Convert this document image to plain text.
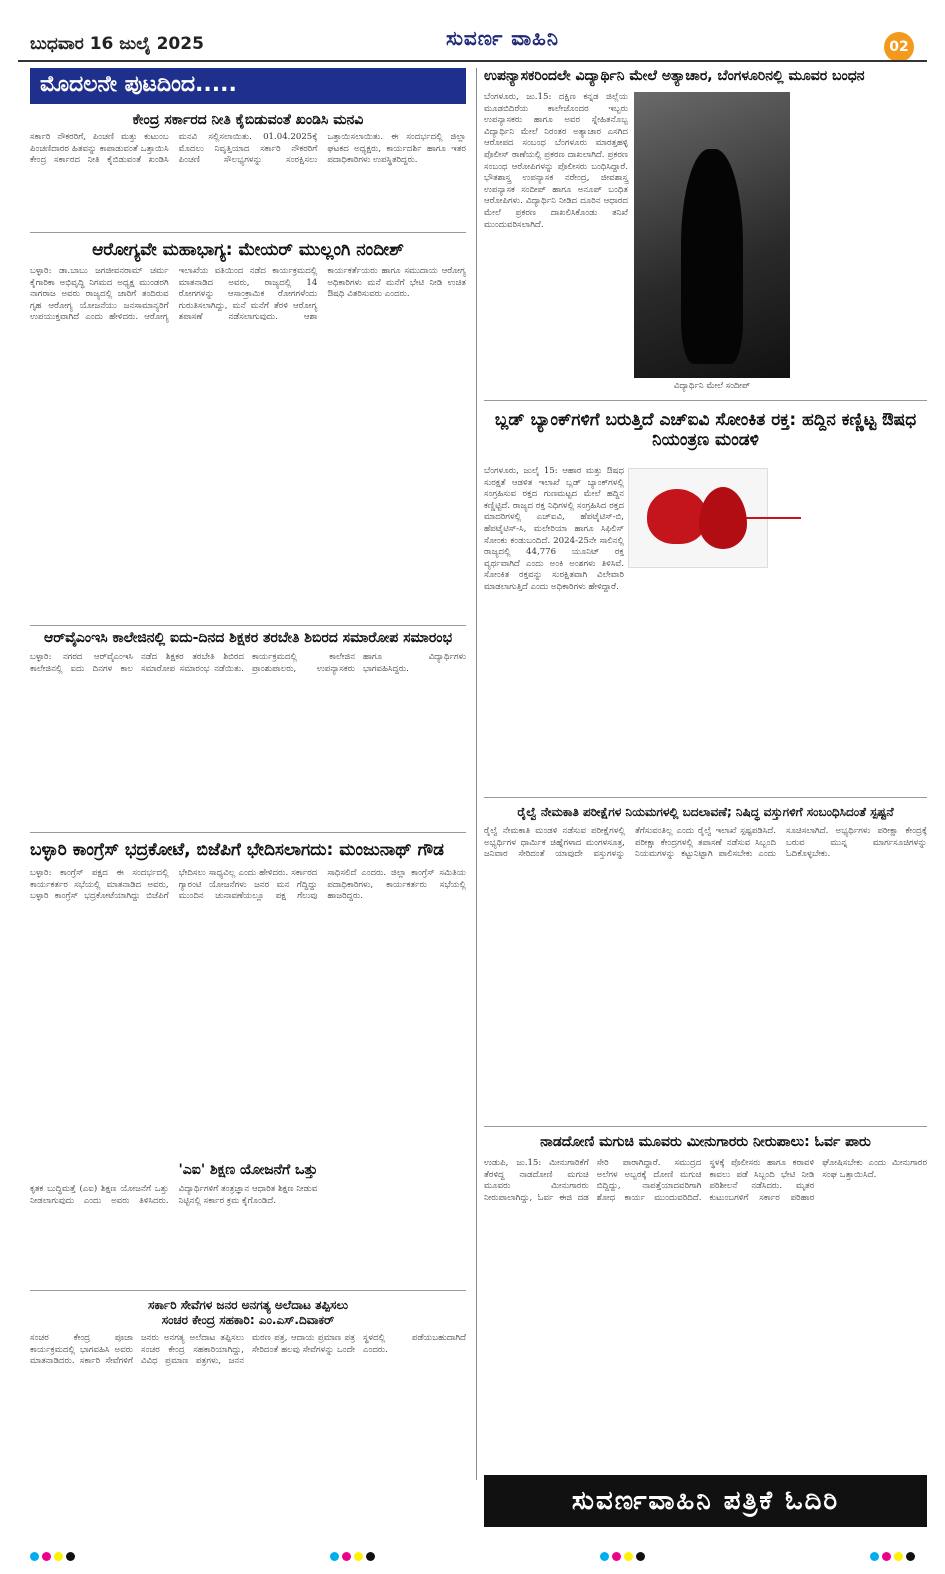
ಬುಧವಾರ 16 ಜುಲೈ 2025	ಸುವರ್ಣ ವಾಹಿನಿ	02
ಮೊದಲನೇ ಪುಟದಿಂದ.....
ಕೇಂದ್ರ ಸರ್ಕಾರದ ನೀತಿ ಕೈಬಿಡುವಂತೆ ಖಂಡಿಸಿ ಮನವಿ
ಸರ್ಕಾರಿ ನೌಕರರಿಗೆ, ಪಿಂಚಣಿ ಮತ್ತು ಕುಟುಂಬ ಪಿಂಚಣಿದಾರರ ಹಿತವನ್ನು ಕಾಪಾಡುವಂತೆ ಒತ್ತಾಯಿಸಿ ಕೇಂದ್ರ ಸರ್ಕಾರದ ನೀತಿ ಕೈಬಿಡುವಂತೆ ಖಂಡಿಸಿ ಮನವಿ ಸಲ್ಲಿಸಲಾಯಿತು. 01.04.2025ಕ್ಕೆ ಮೊದಲು ನಿವೃತ್ತಿಯಾದ ಸರ್ಕಾರಿ ನೌಕರರಿಗೆ ಪಿಂಚಣಿ ಸೌಲಭ್ಯಗಳನ್ನು ಸಂರಕ್ಷಿಸಲು ಒತ್ತಾಯಿಸಲಾಯಿತು. ಈ ಸಂದರ್ಭದಲ್ಲಿ ಜಿಲ್ಲಾ ಘಟಕದ ಅಧ್ಯಕ್ಷರು, ಕಾರ್ಯದರ್ಶಿ ಹಾಗೂ ಇತರ ಪದಾಧಿಕಾರಿಗಳು ಉಪಸ್ಥಿತರಿದ್ದರು.
ಆರೋಗ್ಯವೇ ಮಹಾಭಾಗ್ಯ: ಮೇಯರ್ ಮುಲ್ಲಂಗಿ ನಂದೀಶ್
ಬಳ್ಳಾರಿ: ಡಾ.ಬಾಬು ಜಗಜೀವನರಾಮ್ ಚರ್ಮ ಕೈಗಾರಿಕಾ ಅಭಿವೃದ್ಧಿ ನಿಗಮದ ಅಧ್ಯಕ್ಷ ಮುಂಡರಗಿ ನಾಗರಾಜ ಅವರು ರಾಜ್ಯದಲ್ಲಿ ಜಾರಿಗೆ ತಂದಿರುವ ಗೃಹ ಆರೋಗ್ಯ ಯೋಜನೆಯು ಜನಸಾಮಾನ್ಯರಿಗೆ ಉಪಯುಕ್ತವಾಗಿದೆ ಎಂದು ಹೇಳಿದರು. ಆರೋಗ್ಯ ಇಲಾಖೆಯ ವತಿಯಿಂದ ನಡೆದ ಕಾರ್ಯಕ್ರಮದಲ್ಲಿ ಮಾತನಾಡಿದ ಅವರು, ರಾಜ್ಯದಲ್ಲಿ 14 ರೋಗಗಳನ್ನು ಆಸಾಂಕ್ರಾಮಿಕ ರೋಗಗಳೆಂದು ಗುರುತಿಸಲಾಗಿದ್ದು, ಮನೆ ಮನೆಗೆ ತೆರಳಿ ಆರೋಗ್ಯ ತಪಾಸಣೆ ನಡೆಸಲಾಗುವುದು. ಆಶಾ ಕಾರ್ಯಕರ್ತೆಯರು ಹಾಗೂ ಸಮುದಾಯ ಆರೋಗ್ಯ ಅಧಿಕಾರಿಗಳು ಮನೆ ಮನೆಗೆ ಭೇಟಿ ನೀಡಿ ಉಚಿತ ಔಷಧಿ ವಿತರಿಸುವರು ಎಂದರು.
ಆರ್‌ವೈಎಂಇಸಿ ಕಾಲೇಜಿನಲ್ಲಿ ಐದು-ದಿನದ ಶಿಕ್ಷಕರ ತರಬೇತಿ ಶಿಬಿರದ ಸಮಾರೋಪ ಸಮಾರಂಭ
ಬಳ್ಳಾರಿ: ನಗರದ ಆರ್‌ವೈಎಂಇಸಿ ಕಾಲೇಜಿನಲ್ಲಿ ಐದು ದಿನಗಳ ಕಾಲ ನಡೆದ ಶಿಕ್ಷಕರ ತರಬೇತಿ ಶಿಬಿರದ ಸಮಾರೋಪ ಸಮಾರಂಭ ನಡೆಯಿತು. ಕಾರ್ಯಕ್ರಮದಲ್ಲಿ ಕಾಲೇಜಿನ ಪ್ರಾಂಶುಪಾಲರು, ಉಪನ್ಯಾಸಕರು ಹಾಗೂ ವಿದ್ಯಾರ್ಥಿಗಳು ಭಾಗವಹಿಸಿದ್ದರು.
ಬಳ್ಳಾರಿ ಕಾಂಗ್ರೆಸ್ ಭದ್ರಕೋಟೆ, ಬಿಜೆಪಿಗೆ ಭೇದಿಸಲಾಗದು: ಮಂಜುನಾಥ್ ಗೌಡ
ಬಳ್ಳಾರಿ: ಕಾಂಗ್ರೆಸ್ ಪಕ್ಷದ ಈ ಸಂದರ್ಭದಲ್ಲಿ ಕಾರ್ಯಕರ್ತರ ಸಭೆಯಲ್ಲಿ ಮಾತನಾಡಿದ ಅವರು, ಬಳ್ಳಾರಿ ಕಾಂಗ್ರೆಸ್ ಭದ್ರಕೋಟೆಯಾಗಿದ್ದು ಬಿಜೆಪಿಗೆ ಭೇದಿಸಲು ಸಾಧ್ಯವಿಲ್ಲ ಎಂದು ಹೇಳಿದರು. ಸರ್ಕಾರದ ಗ್ಯಾರಂಟಿ ಯೋಜನೆಗಳು ಜನರ ಮನ ಗೆದ್ದಿದ್ದು ಮುಂದಿನ ಚುನಾವಣೆಯಲ್ಲೂ ಪಕ್ಷ ಗೆಲುವು ಸಾಧಿಸಲಿದೆ ಎಂದರು. ಜಿಲ್ಲಾ ಕಾಂಗ್ರೆಸ್ ಸಮಿತಿಯ ಪದಾಧಿಕಾರಿಗಳು, ಕಾರ್ಯಕರ್ತರು ಸಭೆಯಲ್ಲಿ ಹಾಜರಿದ್ದರು.
'ಎಐ' ಶಿಕ್ಷಣ ಯೋಜನೆಗೆ ಒತ್ತು
ಕೃತಕ ಬುದ್ಧಿಮತ್ತೆ (ಎಐ) ಶಿಕ್ಷಣ ಯೋಜನೆಗೆ ಒತ್ತು ನೀಡಲಾಗುವುದು ಎಂದು ಅವರು ತಿಳಿಸಿದರು. ವಿದ್ಯಾರ್ಥಿಗಳಿಗೆ ತಂತ್ರಜ್ಞಾನ ಆಧಾರಿತ ಶಿಕ್ಷಣ ನೀಡುವ ನಿಟ್ಟಿನಲ್ಲಿ ಸರ್ಕಾರ ಕ್ರಮ ಕೈಗೊಂಡಿದೆ.
ಸರ್ಕಾರಿ ಸೇವೆಗಳ ಜನರ ಅನಗತ್ಯ ಅಲೆದಾಟ ತಪ್ಪಿಸಲು
ಸಂಚರ ಕೇಂದ್ರ ಸಹಕಾರಿ: ಎಂ.ಎಸ್.ದಿವಾಕರ್
ಸಂಚರ ಕೇಂದ್ರ ಪೂಜಾ ಕಾರ್ಯಕ್ರಮದಲ್ಲಿ ಭಾಗವಹಿಸಿ ಅವರು ಮಾತನಾಡಿದರು. ಸರ್ಕಾರಿ ಸೇವೆಗಳಿಗೆ ಜನರು ಅನಗತ್ಯ ಅಲೆದಾಟ ತಪ್ಪಿಸಲು ಸಂಚರ ಕೇಂದ್ರ ಸಹಕಾರಿಯಾಗಿದ್ದು, ವಿವಿಧ ಪ್ರಮಾಣ ಪತ್ರಗಳು, ಜನನ ಮರಣ ಪತ್ರ, ಆದಾಯ ಪ್ರಮಾಣ ಪತ್ರ ಸೇರಿದಂತೆ ಹಲವು ಸೇವೆಗಳನ್ನು ಒಂದೇ ಸ್ಥಳದಲ್ಲಿ ಪಡೆಯಬಹುದಾಗಿದೆ ಎಂದರು.
ಉಪನ್ಯಾಸಕರಿಂದಲೇ ವಿದ್ಯಾರ್ಥಿನಿ ಮೇಲೆ ಅತ್ಯಾಚಾರ, ಬೆಂಗಳೂರಿನಲ್ಲಿ ಮೂವರ ಬಂಧನ
ಬೆಂಗಳೂರು, ಜು.15: ದಕ್ಷಿಣ ಕನ್ನಡ ಜಿಲ್ಲೆಯ ಮೂಡಬಿದಿರೆಯ ಕಾಲೇಜೊಂದರ ಇಬ್ಬರು ಉಪನ್ಯಾಸಕರು ಹಾಗೂ ಅವರ ಸ್ನೇಹಿತನೊಬ್ಬ ವಿದ್ಯಾರ್ಥಿನಿ ಮೇಲೆ ನಿರಂತರ ಅತ್ಯಾಚಾರ ಎಸಗಿದ ಆರೋಪದ ಸಂಬಂಧ ಬೆಂಗಳೂರು ಮಾರತ್ತಹಳ್ಳಿ ಪೊಲೀಸ್ ಠಾಣೆಯಲ್ಲಿ ಪ್ರಕರಣ ದಾಖಲಾಗಿದೆ. ಪ್ರಕರಣ ಸಂಬಂಧ ಆರೋಪಿಗಳನ್ನು ಪೊಲೀಸರು ಬಂಧಿಸಿದ್ದಾರೆ. ಭೌತಶಾಸ್ತ್ರ ಉಪನ್ಯಾಸಕ ನರೇಂದ್ರ, ಜೀವಶಾಸ್ತ್ರ ಉಪನ್ಯಾಸಕ ಸಂದೀಪ್ ಹಾಗೂ ಅನೂಪ್ ಬಂಧಿತ ಆರೋಪಿಗಳು. ವಿದ್ಯಾರ್ಥಿನಿ ನೀಡಿದ ದೂರಿನ ಆಧಾರದ ಮೇಲೆ ಪ್ರಕರಣ ದಾಖಲಿಸಿಕೊಂಡು ತನಿಖೆ ಮುಂದುವರಿಸಲಾಗಿದೆ.
ವಿದ್ಯಾರ್ಥಿನಿ ಮೇಲೆ ಸಂದೀಪ್
ಬ್ಲಡ್ ಬ್ಯಾಂಕ್‌ಗಳಿಗೆ ಬರುತ್ತಿದೆ ಎಚ್‌ಐವಿ ಸೋಂಕಿತ ರಕ್ತ: ಹದ್ದಿನ ಕಣ್ಣಿಟ್ಟ ಔಷಧ ನಿಯಂತ್ರಣ ಮಂಡಳಿ
ಬೆಂಗಳೂರು, ಜುಲೈ 15: ಆಹಾರ ಮತ್ತು ಔಷಧ ಸುರಕ್ಷತೆ ಆಡಳಿತ ಇಲಾಖೆ ಬ್ಲಡ್ ಬ್ಯಾಂಕ್‌ಗಳಲ್ಲಿ ಸಂಗ್ರಹಿಸುವ ರಕ್ತದ ಗುಣಮಟ್ಟದ ಮೇಲೆ ಹದ್ದಿನ ಕಣ್ಣಿಟ್ಟಿದೆ. ರಾಜ್ಯದ ರಕ್ತ ನಿಧಿಗಳಲ್ಲಿ ಸಂಗ್ರಹಿಸಿದ ರಕ್ತದ ಮಾದರಿಗಳಲ್ಲಿ ಎಚ್‌ಐವಿ, ಹೆಪಟೈಟಿಸ್-ಬಿ, ಹೆಪಟೈಟಿಸ್-ಸಿ, ಮಲೇರಿಯಾ ಹಾಗೂ ಸಿಫಿಲಿಸ್ ಸೋಂಕು ಕಂಡುಬಂದಿದೆ. 2024-25ನೇ ಸಾಲಿನಲ್ಲಿ ರಾಜ್ಯದಲ್ಲಿ 44,776 ಯೂನಿಟ್ ರಕ್ತ ವ್ಯರ್ಥವಾಗಿದೆ ಎಂದು ಅಂಕಿ ಅಂಶಗಳು ತಿಳಿಸಿವೆ. ಸೋಂಕಿತ ರಕ್ತವನ್ನು ಸುರಕ್ಷಿತವಾಗಿ ವಿಲೇವಾರಿ ಮಾಡಲಾಗುತ್ತಿದೆ ಎಂದು ಅಧಿಕಾರಿಗಳು ಹೇಳಿದ್ದಾರೆ.
ರೈಲ್ವೆ ನೇಮಕಾತಿ ಪರೀಕ್ಷೆಗಳ ನಿಯಮಗಳಲ್ಲಿ ಬದಲಾವಣೆ; ನಿಷಿದ್ಧ ವಸ್ತುಗಳಿಗೆ ಸಂಬಂಧಿಸಿದಂತೆ ಸ್ಪಷ್ಟನೆ
ರೈಲ್ವೆ ನೇಮಕಾತಿ ಮಂಡಳಿ ನಡೆಸುವ ಪರೀಕ್ಷೆಗಳಲ್ಲಿ ಅಭ್ಯರ್ಥಿಗಳ ಧಾರ್ಮಿಕ ಚಿಹ್ನೆಗಳಾದ ಮಂಗಳಸೂತ್ರ, ಜನಿವಾರ ಸೇರಿದಂತೆ ಯಾವುದೇ ವಸ್ತುಗಳನ್ನು ತೆಗೆಸುವಂತಿಲ್ಲ ಎಂದು ರೈಲ್ವೆ ಇಲಾಖೆ ಸ್ಪಷ್ಟಪಡಿಸಿದೆ. ಪರೀಕ್ಷಾ ಕೇಂದ್ರಗಳಲ್ಲಿ ತಪಾಸಣೆ ನಡೆಸುವ ಸಿಬ್ಬಂದಿ ನಿಯಮಗಳನ್ನು ಕಟ್ಟುನಿಟ್ಟಾಗಿ ಪಾಲಿಸಬೇಕು ಎಂದು ಸೂಚಿಸಲಾಗಿದೆ. ಅಭ್ಯರ್ಥಿಗಳು ಪರೀಕ್ಷಾ ಕೇಂದ್ರಕ್ಕೆ ಬರುವ ಮುನ್ನ ಮಾರ್ಗಸೂಚಿಗಳನ್ನು ಓದಿಕೊಳ್ಳಬೇಕು.
ನಾಡದೋಣಿ ಮಗುಚಿ ಮೂವರು ಮೀನುಗಾರರು ನೀರುಪಾಲು: ಓರ್ವ ಪಾರು
ಉಡುಪಿ, ಜು.15: ಮೀನುಗಾರಿಕೆಗೆ ತೆರಳಿದ್ದ ನಾಡದೋಣಿ ಮಗುಚಿ ಮೂವರು ಮೀನುಗಾರರು ನೀರುಪಾಲಾಗಿದ್ದು, ಓರ್ವ ಈಜಿ ದಡ ಸೇರಿ ಪಾರಾಗಿದ್ದಾರೆ. ಸಮುದ್ರದ ಅಲೆಗಳ ಅಬ್ಬರಕ್ಕೆ ದೋಣಿ ಮಗುಚಿ ಬಿದ್ದಿದ್ದು, ನಾಪತ್ತೆಯಾದವರಿಗಾಗಿ ಶೋಧ ಕಾರ್ಯ ಮುಂದುವರಿದಿದೆ. ಸ್ಥಳಕ್ಕೆ ಪೊಲೀಸರು ಹಾಗೂ ಕರಾವಳಿ ಕಾವಲು ಪಡೆ ಸಿಬ್ಬಂದಿ ಭೇಟಿ ನೀಡಿ ಪರಿಶೀಲನೆ ನಡೆಸಿದರು. ಮೃತರ ಕುಟುಂಬಗಳಿಗೆ ಸರ್ಕಾರ ಪರಿಹಾರ ಘೋಷಿಸಬೇಕು ಎಂದು ಮೀನುಗಾರರ ಸಂಘ ಒತ್ತಾಯಿಸಿದೆ.
ಸುವರ್ಣವಾಹಿನಿ ಪತ್ರಿಕೆ ಓದಿರಿ
